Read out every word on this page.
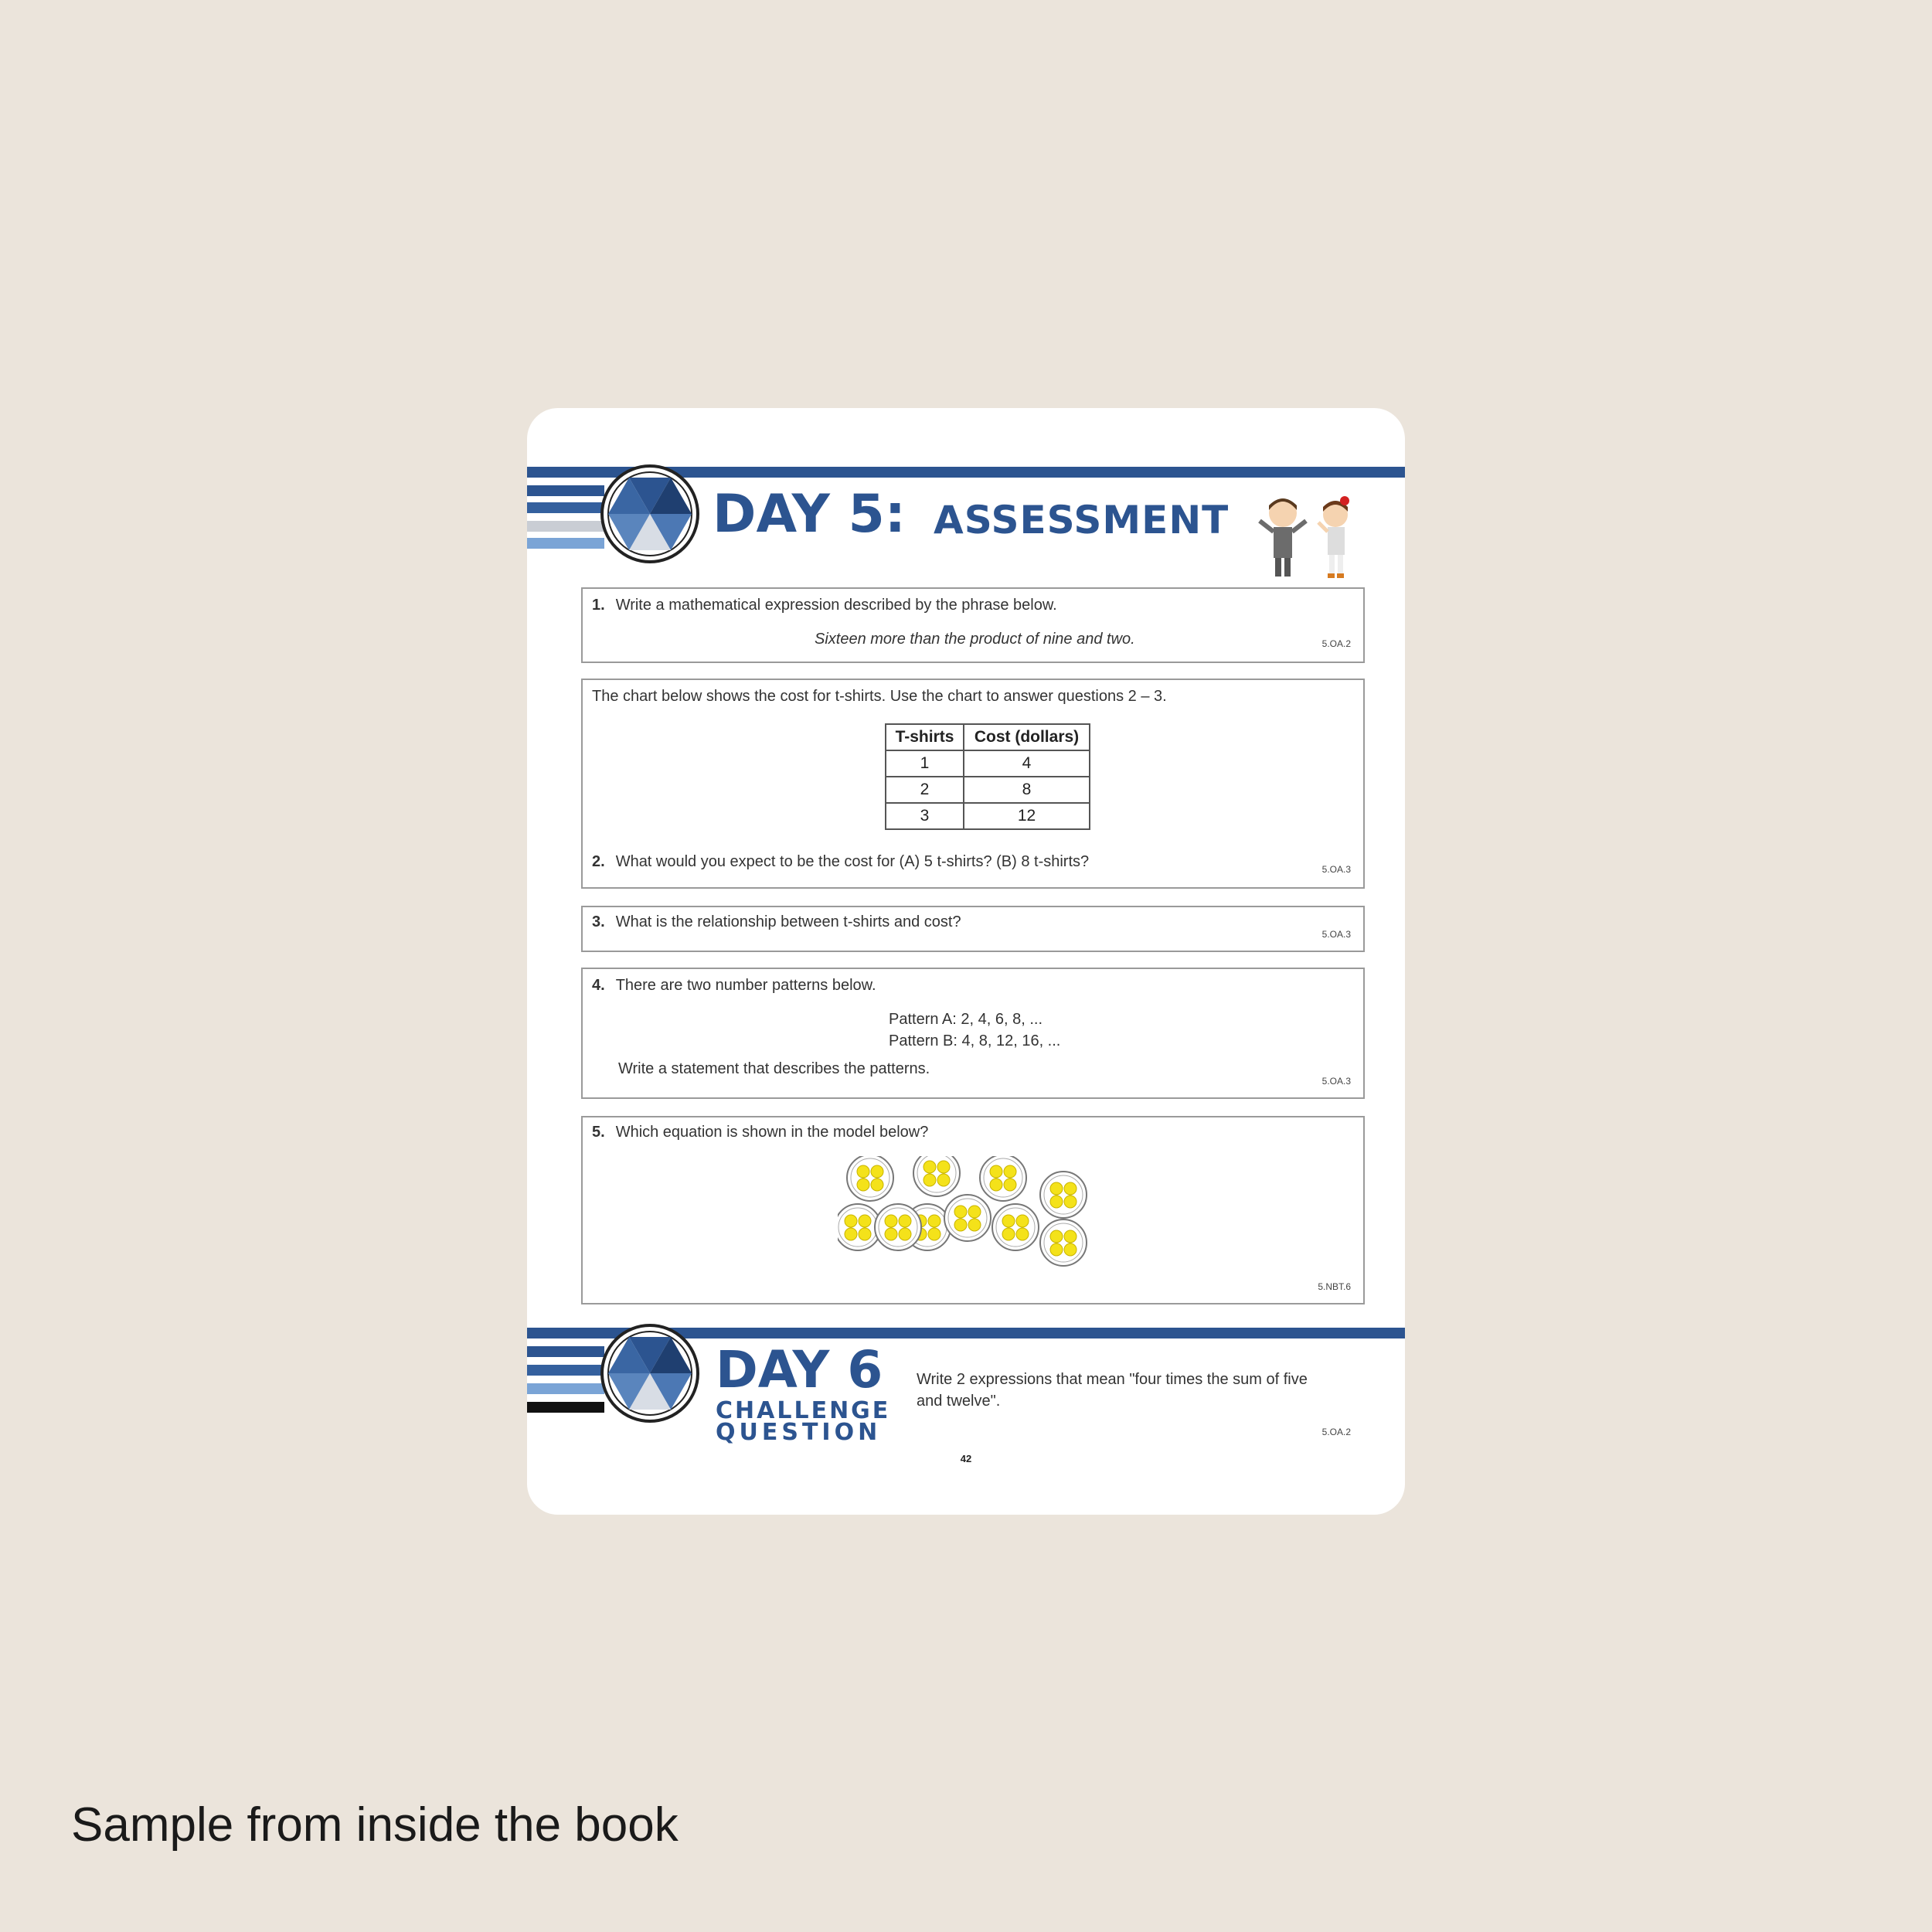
DAY 5: ASSESSMENT
1. Write a mathematical expression described by the phrase below.
Sixteen more than the product of nine and two.	5.OA.2
The chart below shows the cost for t-shirts. Use the chart to answer questions 2 – 3.
T-shirts	Cost (dollars)
1	4
2	8
3	12
2. What would you expect to be the cost for (A) 5 t-shirts? (B) 8 t-shirts?	5.OA.3
3. What is the relationship between t-shirts and cost?
5.OA.3
4. There are two number patterns below.
Pattern A: 2, 4, 6, 8, ...
Pattern B: 4, 8, 12, 16, ...
Write a statement that describes the patterns.
5.OA.3
5. Which equation is shown in the model below?
5.NBT.6
DAY 6
CHALLENGE
QUESTION
Write 2 expressions that mean "four times the sum of five
and twelve".
5.OA.2
42
Sample from inside the book
